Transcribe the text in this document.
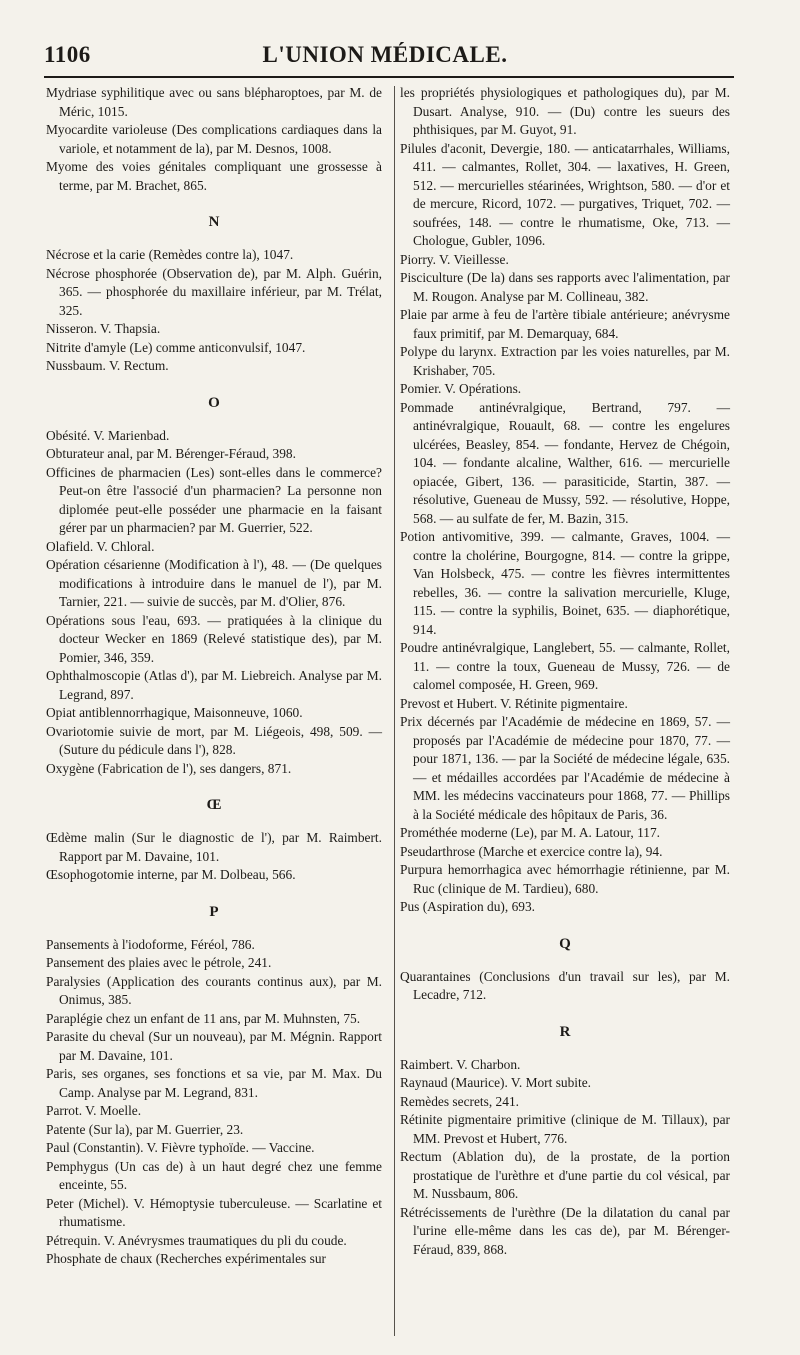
1106	L'UNION MÉDICALE.

Mydriase syphilitique avec ou sans blépharoptoes, par M. de Méric, 1015.

Myocardite varioleuse (Des complications cardiaques dans la variole, et notamment de la), par M. Desnos, 1008.

Myome des voies génitales compliquant une grossesse à terme, par M. Brachet, 865.

N

Nécrose et la carie (Remèdes contre la), 1047.

Nécrose phosphorée (Observation de), par M. Alph. Guérin, 365. — phosphorée du maxillaire inférieur, par M. Trélat, 325.

Nisseron. V. Thapsia.

Nitrite d'amyle (Le) comme anticonvulsif, 1047.

Nussbaum. V. Rectum.

O

Obésité. V. Marienbad.

Obturateur anal, par M. Bérenger-Féraud, 398.

Officines de pharmacien (Les) sont-elles dans le commerce? Peut-on être l'associé d'un pharmacien? La personne non diplomée peut-elle posséder une pharmacie en la faisant gérer par un pharmacien? par M. Guerrier, 522.

Olafield. V. Chloral.

Opération césarienne (Modification à l'), 48. — (De quelques modifications à introduire dans le manuel de l'), par M. Tarnier, 221. — suivie de succès, par M. d'Olier, 876.

Opérations sous l'eau, 693. — pratiquées à la clinique du docteur Wecker en 1869 (Relevé statistique des), par M. Pomier, 346, 359.

Ophthalmoscopie (Atlas d'), par M. Liebreich. Analyse par M. Legrand, 897.

Opiat antiblennorrhagique, Maisonneuve, 1060.

Ovariotomie suivie de mort, par M. Liégeois, 498, 509. — (Suture du pédicule dans l'), 828.

Oxygène (Fabrication de l'), ses dangers, 871.

Œ

Œdème malin (Sur le diagnostic de l'), par M. Raimbert. Rapport par M. Davaine, 101.

Œsophogotomie interne, par M. Dolbeau, 566.

P

Pansements à l'iodoforme, Féréol, 786.

Pansement des plaies avec le pétrole, 241.

Paralysies (Application des courants continus aux), par M. Onimus, 385.

Paraplégie chez un enfant de 11 ans, par M. Muhnsten, 75.

Parasite du cheval (Sur un nouveau), par M. Mégnin. Rapport par M. Davaine, 101.

Paris, ses organes, ses fonctions et sa vie, par M. Max. Du Camp. Analyse par M. Legrand, 831.

Parrot. V. Moelle.

Patente (Sur la), par M. Guerrier, 23.

Paul (Constantin). V. Fièvre typhoïde. — Vaccine.

Pemphygus (Un cas de) à un haut degré chez une femme enceinte, 55.

Peter (Michel). V. Hémoptysie tuberculeuse. — Scarlatine et rhumatisme.

Pétrequin. V. Anévrysmes traumatiques du pli du coude.

Phosphate de chaux (Recherches expérimentales sur

les propriétés physiologiques et pathologiques du), par M. Dusart. Analyse, 910. — (Du) contre les sueurs des phthisiques, par M. Guyot, 91.

Pilules d'aconit, Devergie, 180. — anticatarrhales, Williams, 411. — calmantes, Rollet, 304. — laxatives, H. Green, 512. — mercurielles stéarinées, Wrightson, 580. — d'or et de mercure, Ricord, 1072. — purgatives, Triquet, 702. — soufrées, 148. — contre le rhumatisme, Oke, 713. — Chologue, Gubler, 1096.

Piorry. V. Vieillesse.

Pisciculture (De la) dans ses rapports avec l'alimentation, par M. Rougon. Analyse par M. Collineau, 382.

Plaie par arme à feu de l'artère tibiale antérieure; anévrysme faux primitif, par M. Demarquay, 684.

Polype du larynx. Extraction par les voies naturelles, par M. Krishaber, 705.

Pomier. V. Opérations.

Pommade antinévralgique, Bertrand, 797. — antinévralgique, Rouault, 68. — contre les engelures ulcérées, Beasley, 854. — fondante, Hervez de Chégoin, 104. — fondante alcaline, Walther, 616. — mercurielle opiacée, Gibert, 136. — parasiticide, Startin, 387. — résolutive, Gueneau de Mussy, 592. — résolutive, Hoppe, 568. — au sulfate de fer, M. Bazin, 315.

Potion antivomitive, 399. — calmante, Graves, 1004. — contre la cholérine, Bourgogne, 814. — contre la grippe, Van Holsbeck, 475. — contre les fièvres intermittentes rebelles, 36. — contre la salivation mercurielle, Kluge, 115. — contre la syphilis, Boinet, 635. — diaphorétique, 914.

Poudre antinévralgique, Langlebert, 55. — calmante, Rollet, 11. — contre la toux, Gueneau de Mussy, 726. — de calomel composée, H. Green, 969.

Prevost et Hubert. V. Rétinite pigmentaire.

Prix décernés par l'Académie de médecine en 1869, 57. — proposés par l'Académie de médecine pour 1870, 77. — pour 1871, 136. — par la Société de médecine légale, 635. — et médailles accordées par l'Académie de médecine à MM. les médecins vaccinateurs pour 1868, 77. — Phillips à la Société médicale des hôpitaux de Paris, 36.

Prométhée moderne (Le), par M. A. Latour, 117.

Pseudarthrose (Marche et exercice contre la), 94.

Purpura hemorrhagica avec hémorrhagie rétinienne, par M. Ruc (clinique de M. Tardieu), 680.

Pus (Aspiration du), 693.

Q

Quarantaines (Conclusions d'un travail sur les), par M. Lecadre, 712.

R

Raimbert. V. Charbon.

Raynaud (Maurice). V. Mort subite.

Remèdes secrets, 241.

Rétinite pigmentaire primitive (clinique de M. Tillaux), par MM. Prevost et Hubert, 776.

Rectum (Ablation du), de la prostate, de la portion prostatique de l'urèthre et d'une partie du col vésical, par M. Nussbaum, 806.

Rétrécissements de l'urèthre (De la dilatation du canal par l'urine elle-même dans les cas de), par M. Bérenger-Féraud, 839, 868.
